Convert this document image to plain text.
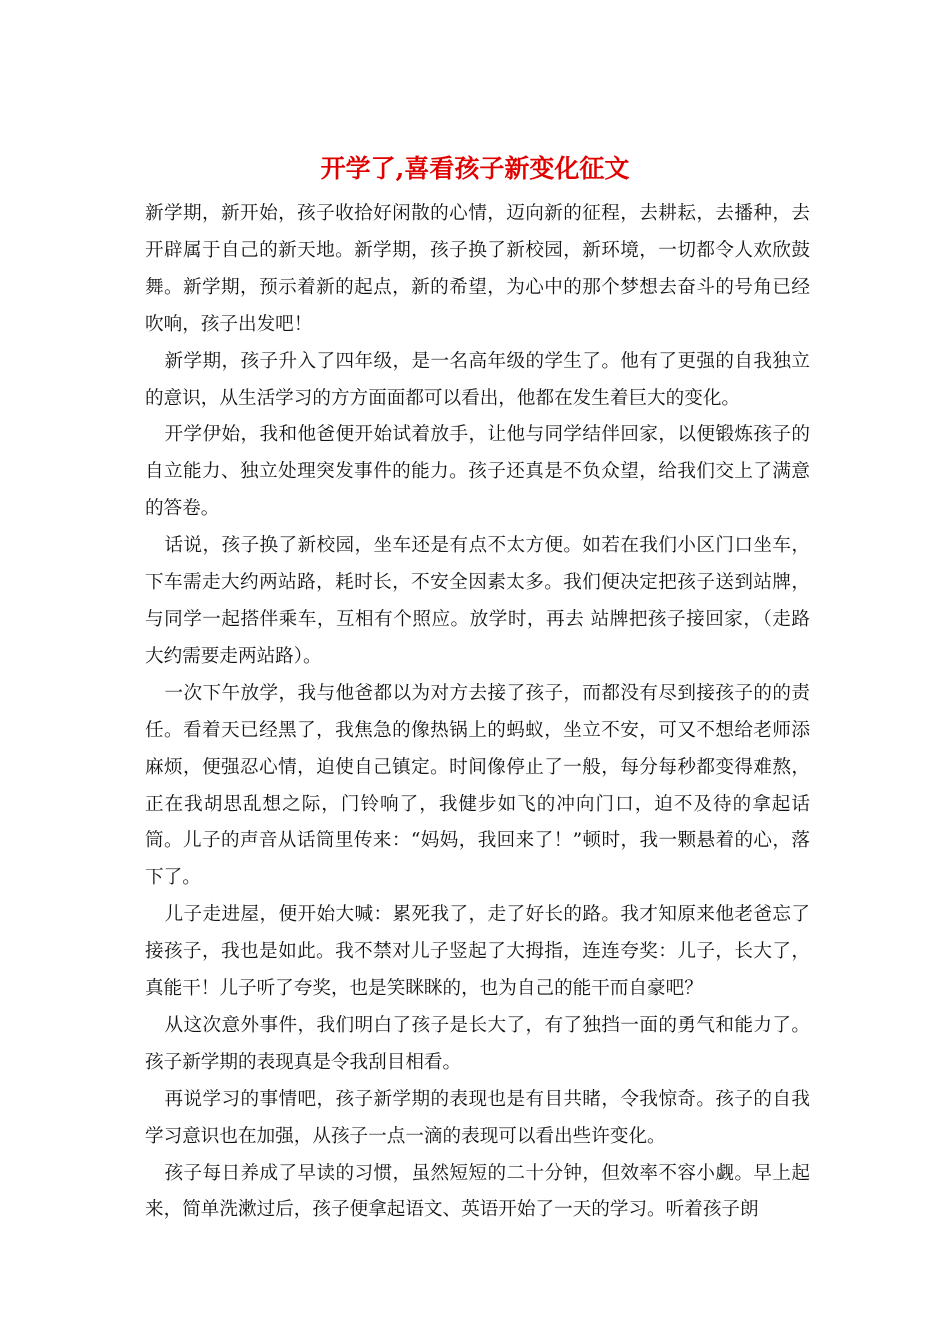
开学了,喜看孩子新变化征文

新学期，新开始，孩子收拾好闲散的心情，迈向新的征程，去耕耘，去播种，去开辟属于自己的新天地。新学期，孩子换了新校园，新环境，一切都令人欢欣鼓舞。新学期，预示着新的起点，新的希望，为心中的那个梦想去奋斗的号角已经吹响，孩子出发吧！

新学期，孩子升入了四年级，是一名高年级的学生了。他有了更强的自我独立的意识，从生活学习的方方面面都可以看出，他都在发生着巨大的变化。

开学伊始，我和他爸便开始试着放手，让他与同学结伴回家，以便锻炼孩子的自立能力、独立处理突发事件的能力。孩子还真是不负众望，给我们交上了满意的答卷。

话说，孩子换了新校园，坐车还是有点不太方便。如若在我们小区门口坐车，下车需走大约两站路，耗时长，不安全因素太多。我们便决定把孩子送到站牌，与同学一起搭伴乘车，互相有个照应。放学时，再去 站牌把孩子接回家，（走路大约需要走两站路）。

一次下午放学，我与他爸都以为对方去接了孩子，而都没有尽到接孩子的的责任。看着天已经黑了，我焦急的像热锅上的蚂蚁，坐立不安，可又不想给老师添麻烦，便强忍心情，迫使自己镇定。时间像停止了一般，每分每秒都变得难熬，正在我胡思乱想之际，门铃响了，我健步如飞的冲向门口，迫不及待的拿起话筒。儿子的声音从话筒里传来：“妈妈，我回来了！”顿时，我一颗悬着的心，落下了。

儿子走进屋，便开始大喊：累死我了，走了好长的路。我才知原来他老爸忘了接孩子，我也是如此。我不禁对儿子竖起了大拇指，连连夸奖：儿子，长大了，真能干！儿子听了夸奖，也是笑眯眯的，也为自己的能干而自豪吧？

从这次意外事件，我们明白了孩子是长大了，有了独挡一面的勇气和能力了。孩子新学期的表现真是令我刮目相看。

再说学习的事情吧，孩子新学期的表现也是有目共睹，令我惊奇。孩子的自我学习意识也在加强，从孩子一点一滴的表现可以看出些许变化。

孩子每日养成了早读的习惯，虽然短短的二十分钟，但效率不容小觑。早上起来，简单洗漱过后，孩子便拿起语文、英语开始了一天的学习。听着孩子朗
